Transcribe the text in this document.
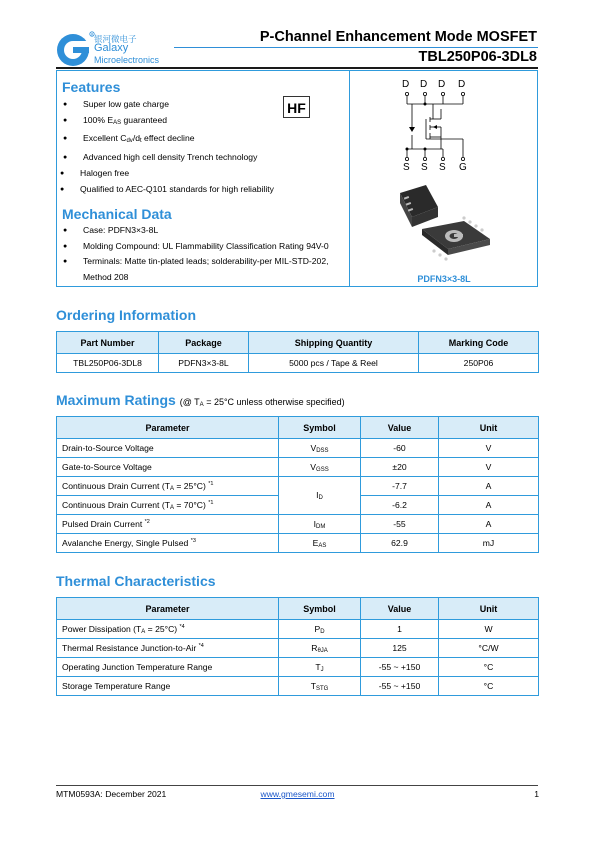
R 银河微电子
Galaxy
Microelectronics
P-Channel Enhancement Mode MOSFET
TBL250P06-3DL8
Features
● Super low gate charge
● 100% $E_{AS}$ guaranteed
● Excellent $C_{dv}/d_t$ effect decline
● Advanced high cell density Trench technology
● Halogen free
● Qualified to AEC-Q101 standards for high reliability
HF
Mechanical Data
● Case: PDFN3×3-8L
● Molding Compound: UL Flammability Classification Rating 94V-0
● Terminals: Matte tin-plated leads; solderability-per MIL-STD-202,
Method 208
D D D D
S S S G
PDFN3×3-8L
Ordering Information
Part Number	Package	Shipping Quantity	Marking Code
TBL250P06-3DL8	PDFN3×3-8L	5000 pcs / Tape & Reel	250P06
Maximum Ratings (@ $T_A = 25^\circ C$ unless otherwise specified)
Parameter	Symbol	Value	Unit
Drain-to-Source Voltage	$V_{DSS}$	-60	V
Gate-to-Source Voltage	$V_{GSS}$	±20	V
Continuous Drain Current $(T_A = 25^\circ C)$ $^{*1}$	$I_D$	-7.7	A
Continuous Drain Current $(T_A = 70^\circ C)$ $^{*1}$		-6.2	A
Pulsed Drain Current $^{*2}$	$I_{DM}$	-55	A
Avalanche Energy, Single Pulsed $^{*3}$	$E_{AS}$	62.9	mJ
Thermal Characteristics
Parameter	Symbol	Value	Unit
Power Dissipation $(T_A = 25^\circ C)$ $^{*4}$	$P_D$	1	W
Thermal Resistance Junction-to-Air $^{*4}$	$R_{\theta JA}$	125	°C/W
Operating Junction Temperature Range	$T_J$	-55 ~ +150	°C
Storage Temperature Range	$T_{STG}$	-55 ~ +150	°C
MTM0593A: December 2021	www.gmesemi.com	1
